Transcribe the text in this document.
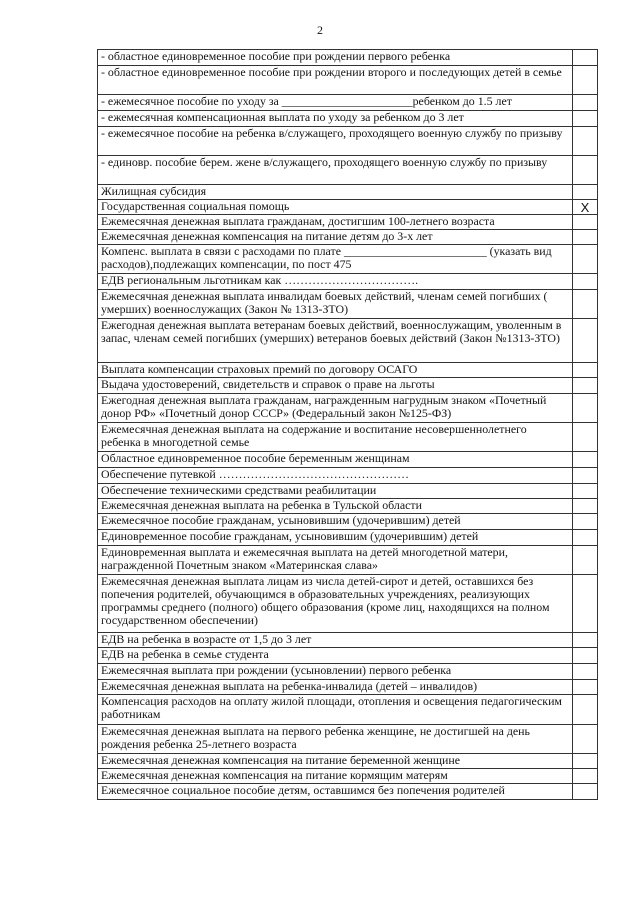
2
- областное единовременное пособие при рождении первого ребенка	
- областное единовременное пособие при рождении второго и последующих детей в семье	
- ежемесячное пособие по уходу за ______________________ребенком до 1.5 лет	
- ежемесячная компенсационная выплата по уходу за ребенком до 3 лет	
- ежемесячное пособие на ребенка в/служащего, проходящего военную службу по призыву	
- единовр. пособие берем. жене в/служащего, проходящего военную службу по призыву	
Жилищная субсидия	
Государственная социальная помощь	X
Ежемесячная денежная выплата гражданам, достигшим 100-летнего возраста	
Ежемесячная денежная компенсация на питание детям до 3-х лет	
Компенс. выплата в связи с расходами по плате ________________________ (указать вид расходов),подлежащих компенсации, по пост 475	
ЕДВ региональным льготникам как …………………………….	
Ежемесячная денежная выплата инвалидам боевых действий, членам семей погибших ( умерших) военнослужащих (Закон № 1313-ЗТО)	
Ежегодная денежная выплата ветеранам боевых действий, военнослужащим, уволенным в запас, членам семей погибших (умерших) ветеранов боевых действий (Закон №1313-ЗТО)	
Выплата компенсации страховых премий по договору ОСАГО	
Выдача удостоверений, свидетельств и справок о праве на льготы	
Ежегодная денежная выплата гражданам, награжденным нагрудным знаком «Почетный донор РФ» «Почетный донор СССР» (Федеральный закон №125-ФЗ)	
Ежемесячная денежная выплата на содержание и воспитание несовершеннолетнего ребенка в многодетной семье	
Областное единовременное пособие беременным женщинам	
Обеспечение путевкой …………………………………………	
Обеспечение техническими средствами реабилитации	
Ежемесячная денежная выплата на ребенка в Тульской области	
Ежемесячное пособие гражданам, усыновившим (удочерившим) детей	
Единовременное пособие гражданам, усыновившим (удочерившим) детей	
Единовременная выплата и ежемесячная выплата на детей многодетной матери, награжденной Почетным знаком «Материнская слава»	
Ежемесячная денежная выплата лицам из числа детей-сирот и детей, оставшихся без попечения родителей, обучающимся в образовательных учреждениях, реализующих программы среднего (полного) общего образования (кроме лиц, находящихся на полном государственном обеспечении)	
ЕДВ на ребенка в возрасте от 1,5 до 3 лет	
ЕДВ на ребенка в семье студента	
Ежемесячная выплата при рождении (усыновлении) первого ребенка	
Ежемесячная денежная выплата на ребенка-инвалида (детей – инвалидов)	
Компенсация расходов на оплату жилой площади, отопления и освещения педагогическим работникам	
Ежемесячная денежная выплата на первого ребенка женщине, не достигшей на день рождения ребенка 25-летнего возраста	
Ежемесячная денежная компенсация на питание беременной женщине	
Ежемесячная денежная компенсация на питание кормящим матерям	
Ежемесячное социальное пособие детям, оставшимся без попечения родителей	
